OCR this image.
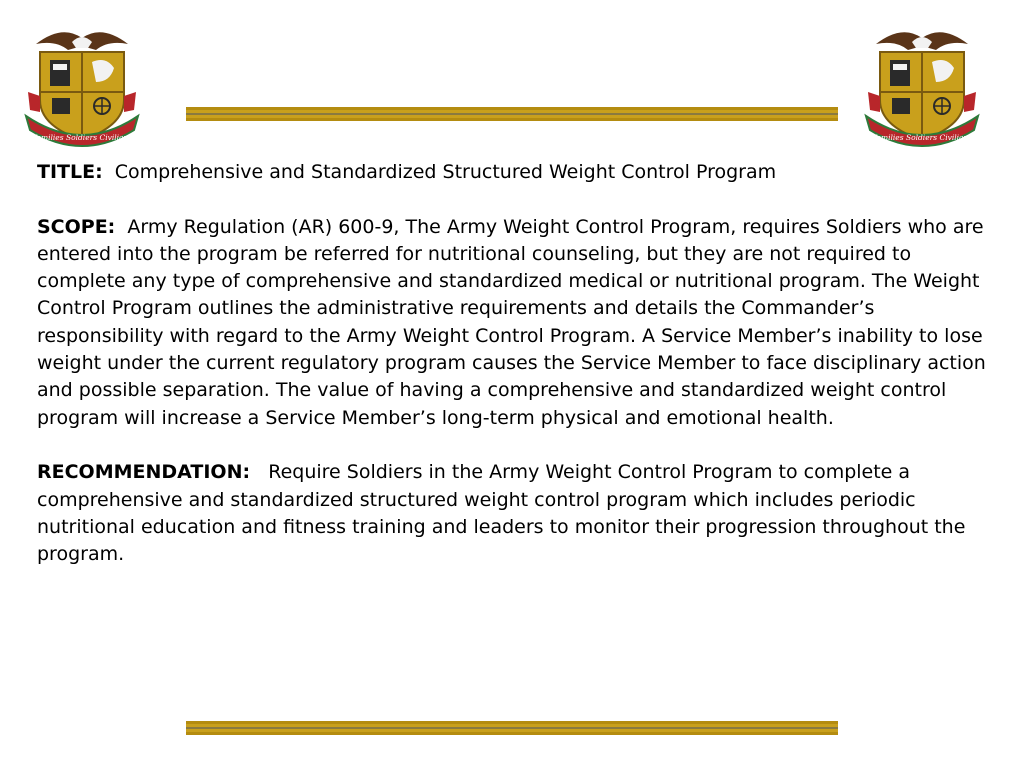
Families Soldiers Civilians	Families Soldiers Civilians

TITLE: Comprehensive and Standardized Structured Weight Control Program

SCOPE: Army Regulation (AR) 600-9, The Army Weight Control Program, requires Soldiers who are entered into the program be referred for nutritional counseling, but they are not required to complete any type of comprehensive and standardized medical or nutritional program. The Weight Control Program outlines the administrative requirements and details the Commander’s responsibility with regard to the Army Weight Control Program. A Service Member’s inability to lose weight under the current regulatory program causes the Service Member to face disciplinary action and possible separation. The value of having a comprehensive and standardized weight control program will increase a Service Member’s long-term physical and emotional health.

RECOMMENDATION: Require Soldiers in the Army Weight Control Program to complete a comprehensive and standardized structured weight control program which includes periodic nutritional education and fitness training and leaders to monitor their progression throughout the program.
